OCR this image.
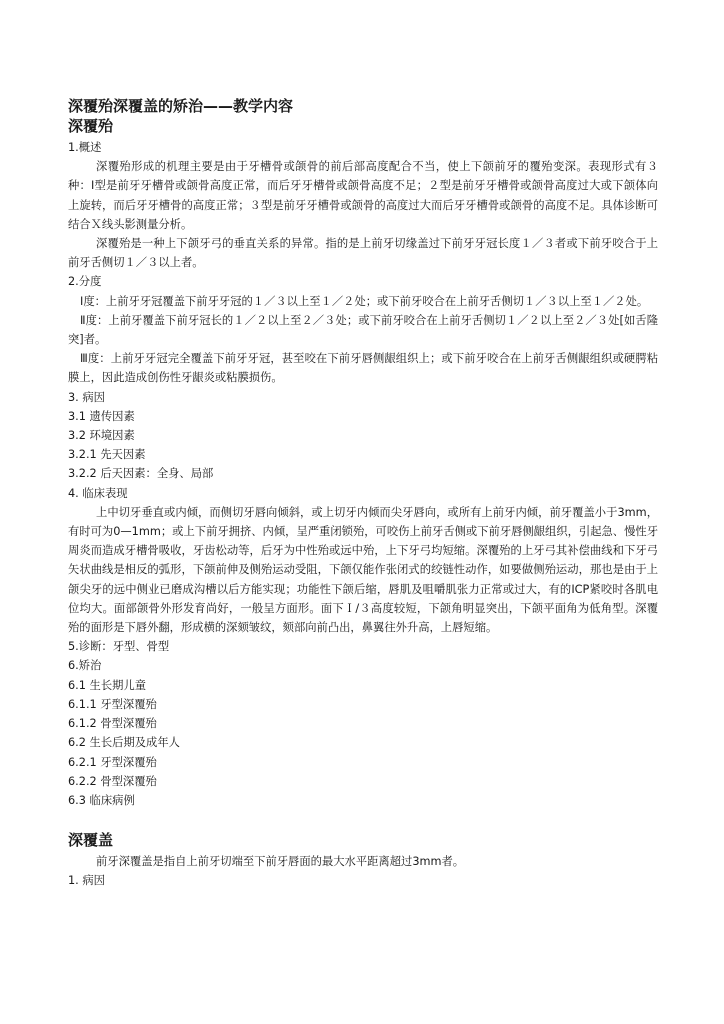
深覆殆深覆盖的矫治——教学内容

深覆殆

1.概述

深覆殆形成的机理主要是由于牙槽骨或颌骨的前后部高度配合不当，使上下颌前牙的覆殆变深。表现形式有３种：Ⅰ型是前牙牙槽骨或颌骨高度正常，而后牙牙槽骨或颌骨高度不足；２型是前牙牙槽骨或颌骨高度过大或下颌体向上旋转，而后牙牙槽骨的高度正常；３型是前牙牙槽骨或颌骨的高度过大而后牙牙槽骨或颌骨的高度不足。具体诊断可结合Ｘ线头影测量分析。

深覆殆是一种上下颌牙弓的垂直关系的异常。指的是上前牙切缘盖过下前牙牙冠长度１／３者或下前牙咬合于上前牙舌侧切１／３以上者。

2.分度

Ⅰ度：上前牙牙冠覆盖下前牙牙冠的１／３以上至１／２处；或下前牙咬合在上前牙舌侧切１／３以上至１／２处。

Ⅱ度：上前牙覆盖下前牙冠长的１／２以上至２／３处；或下前牙咬合在上前牙舌侧切１／２以上至２／３处[如舌隆突]者。

Ⅲ度：上前牙牙冠完全覆盖下前牙牙冠，甚至咬在下前牙唇侧龈组织上；或下前牙咬合在上前牙舌侧龈组织或硬腭粘膜上，因此造成创伤性牙龈炎或粘膜损伤。

3. 病因

3.1 遗传因素

3.2 环境因素

3.2.1 先天因素

3.2.2 后天因素：全身、局部

4. 临床表现

上中切牙垂直或内倾，而侧切牙唇向倾斜，或上切牙内倾而尖牙唇向，或所有上前牙内倾，前牙覆盖小于3mm，有时可为0—1mm；或上下前牙拥挤、内倾，呈严重闭锁殆，可咬伤上前牙舌侧或下前牙唇侧龈组织，引起急、慢性牙周炎而造成牙槽骨吸收，牙齿松动等，后牙为中性殆或远中殆，上下牙弓均短缩。深覆殆的上牙弓其补偿曲线和下牙弓矢状曲线是相反的弧形，下颌前伸及侧殆运动受阻，下颌仅能作张闭式的绞链性动作，如要做侧殆运动，那也是由于上颌尖牙的远中侧业已磨成沟槽以后方能实现；功能性下颌后缩，唇肌及咀嚼肌张力正常或过大，有的ICP紧咬时各肌电位均大。面部颌骨外形发育尚好，一般呈方面形。面下Ｉ/３高度较短，下颌角明显突出，下颌平面角为低角型。深覆殆的面形是下唇外翻，形成横的深颏皱纹，颏部向前凸出，鼻翼往外升高，上唇短缩。

5.诊断：牙型、骨型

6.矫治

6.1 生长期儿童

6.1.1 牙型深覆殆

6.1.2 骨型深覆殆

6.2 生长后期及成年人

6.2.1 牙型深覆殆

6.2.2 骨型深覆殆

6.3 临床病例

深覆盖

前牙深覆盖是指自上前牙切端至下前牙唇面的最大水平距离超过3mm者。

1. 病因
